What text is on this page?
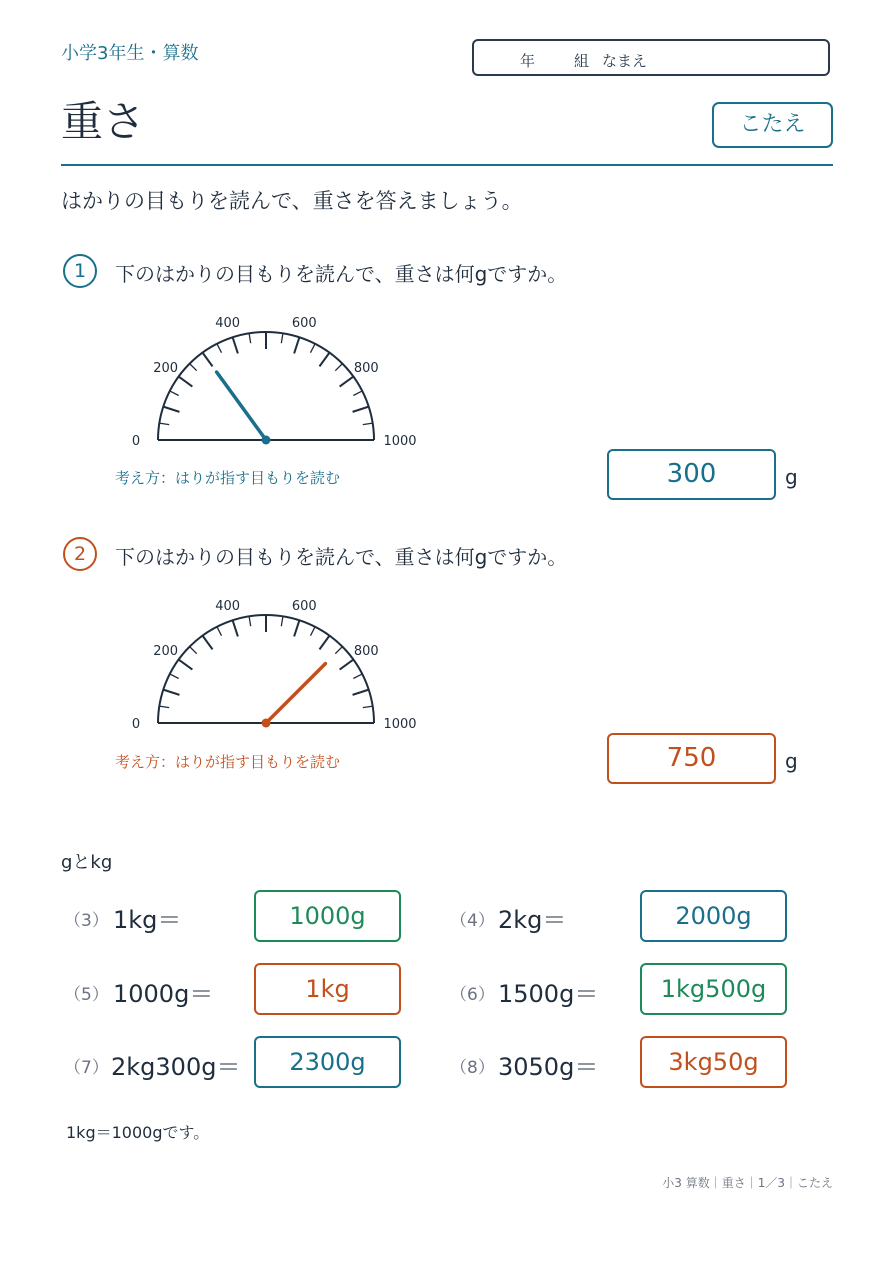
小学3年生・算数	年	組 なまえ
重さ	こたえ
はかりの目もりを読んで、重さを答えましょう。
1	下のはかりの目もりを読んで、重さは何gですか。
0
200
400	600
800
1000
考え方：はりが指す目もりを読む	300	g
2	下のはかりの目もりを読んで、重さは何gですか。
0
200
400	600
800
1000
考え方：はりが指す目もりを読む	750	g
gとkg
（3） 1kg＝	1000g	（4） 2kg＝	2000g
（5） 1000g＝	1kg	（6） 1500g＝	1kg500g
（7） 2kg300g＝	2300g	（8） 3050g＝	3kg50g
1kg＝1000gです。
小3 算数｜重さ｜1／3｜こたえ
